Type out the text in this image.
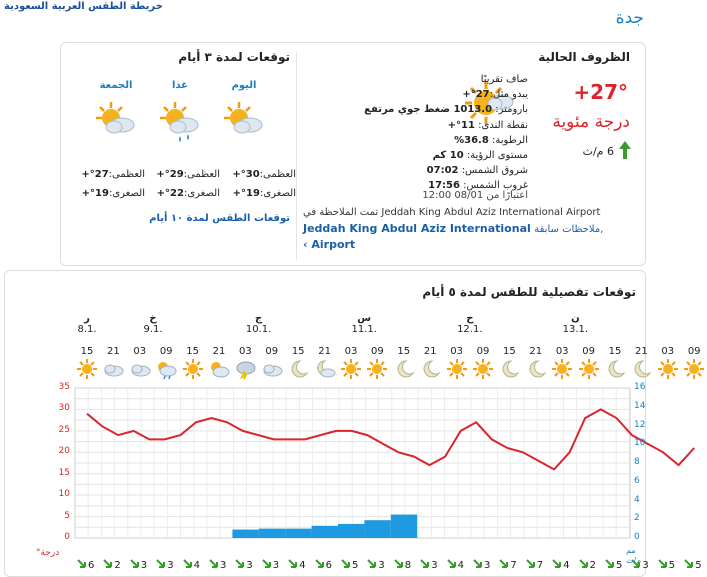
خريطة الطقس العربية السعودية
جدة
الظروف الحالية
توقعات لمدة ٣ أيام
°‏27+
درجة مئوية
6 م/ث
صاف تقريبًا
يبدو مثل:27°+
بارومتر: 1013.0 ضغط جوي مرتفع
نقطة الندى: 11°+
الرطوبة: 36.8%
مستوى الرؤية: 10 كم
شروق الشمس: 07:02
غروب الشمس: 17:56
اعتبارًا من 08/01 12:00
تمت الملاحظة في Jeddah King Abdul Aziz International Airport
Jeddah King Abdul Aziz International ملاحظات سابقة,
‹ Airport
اليوم
غدا
الجمعة
العظمى:30°+
الصغرى:19°+
العظمى:29°+
الصغرى:22°+
العظمى:27°+
الصغرى:19°+
توقعات الطقس لمدة ١٠ أيام
توقعات تفصيلية للطقس لمدة ٥ أيام
ر
8.1.
خ
9.1.
ج
10.1.
س
11.1.
ح
12.1.
ن
13.1.
15	21	03	09	15	21	03	09	15	21	03	09	15	21	03	09	15	21	03	09	15	21	03	09
0
5
10
15
20
25
30
35
0
2
4
6
8
10
12
14
16
°درجة	مم
م/ث
6 2 3 3 4 3 3 3 4 6 5 3 8 3 4 3 7 7 4 2 5 3 5 5
